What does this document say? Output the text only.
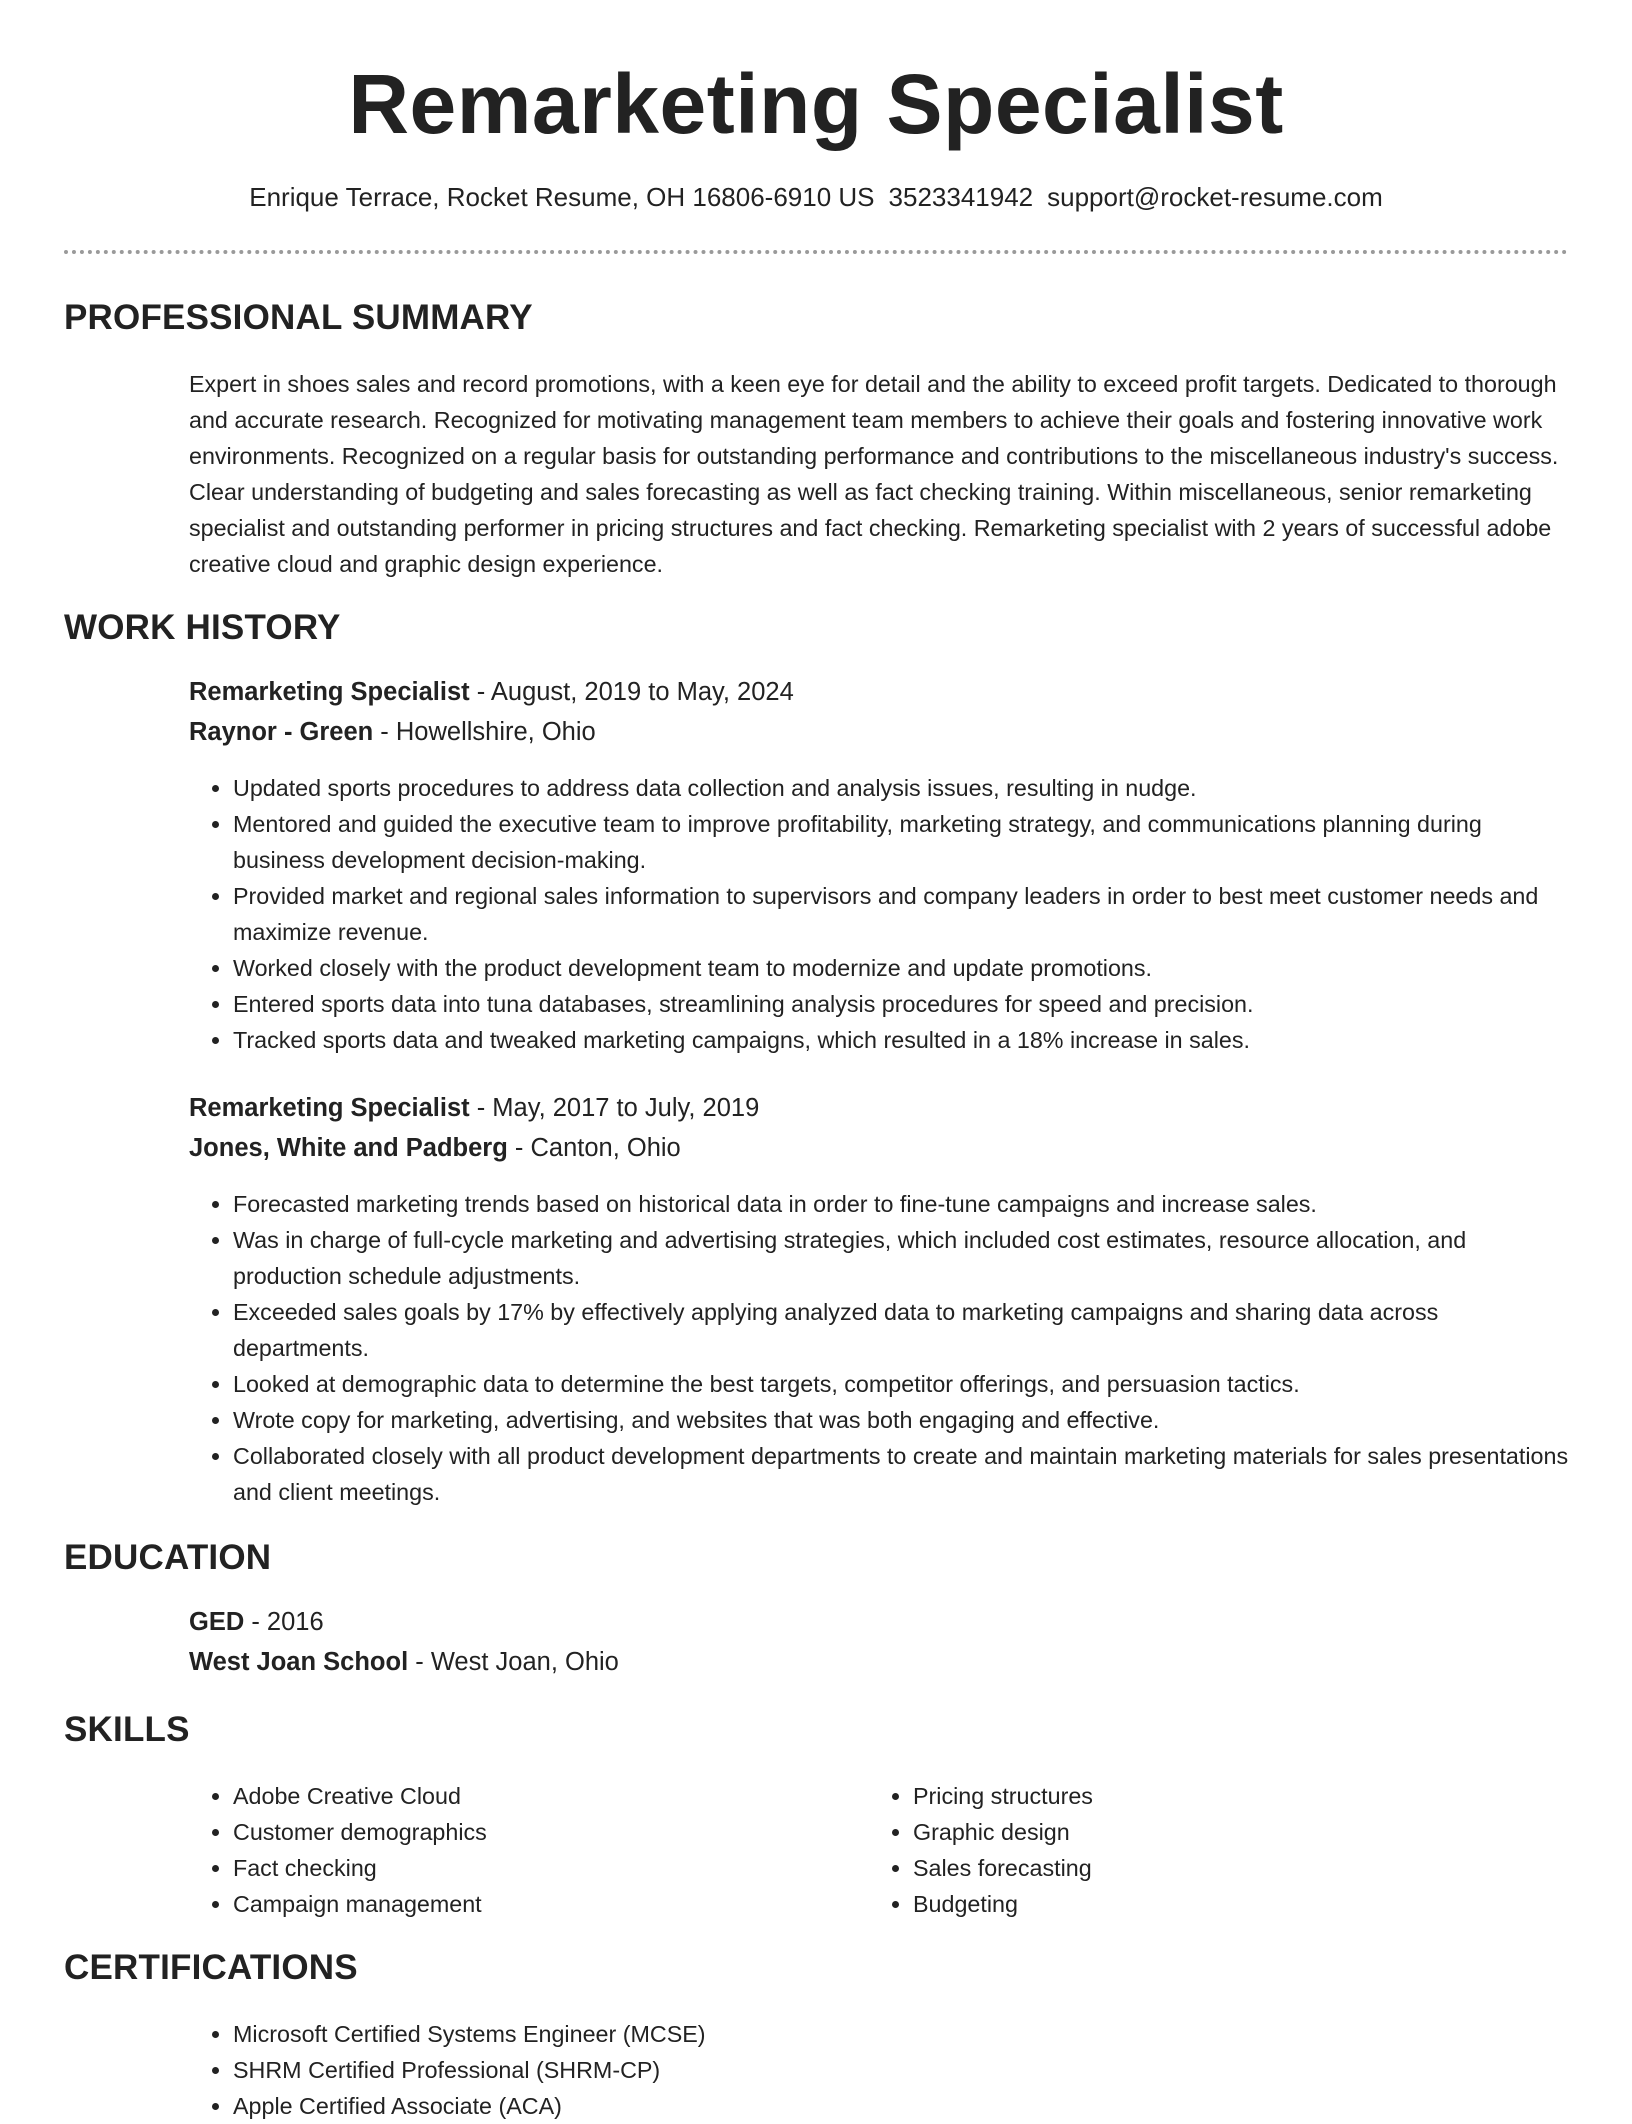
Remarketing Specialist
Enrique Terrace, Rocket Resume, OH 16806-6910 US 3523341942 support@rocket-resume.com
PROFESSIONAL SUMMARY
Expert in shoes sales and record promotions, with a keen eye for detail and the ability to exceed profit targets. Dedicated to thorough and accurate research. Recognized for motivating management team members to achieve their goals and fostering innovative work environments. Recognized on a regular basis for outstanding performance and contributions to the miscellaneous industry's success. Clear understanding of budgeting and sales forecasting as well as fact checking training. Within miscellaneous, senior remarketing specialist and outstanding performer in pricing structures and fact checking. Remarketing specialist with 2 years of successful adobe creative cloud and graphic design experience.
WORK HISTORY
Remarketing Specialist - August, 2019 to May, 2024
Raynor - Green - Howellshire, Ohio
• Updated sports procedures to address data collection and analysis issues, resulting in nudge.
• Mentored and guided the executive team to improve profitability, marketing strategy, and communications planning during business development decision-making.
• Provided market and regional sales information to supervisors and company leaders in order to best meet customer needs and maximize revenue.
• Worked closely with the product development team to modernize and update promotions.
• Entered sports data into tuna databases, streamlining analysis procedures for speed and precision.
• Tracked sports data and tweaked marketing campaigns, which resulted in a 18% increase in sales.
Remarketing Specialist - May, 2017 to July, 2019
Jones, White and Padberg - Canton, Ohio
• Forecasted marketing trends based on historical data in order to fine-tune campaigns and increase sales.
• Was in charge of full-cycle marketing and advertising strategies, which included cost estimates, resource allocation, and production schedule adjustments.
• Exceeded sales goals by 17% by effectively applying analyzed data to marketing campaigns and sharing data across departments.
• Looked at demographic data to determine the best targets, competitor offerings, and persuasion tactics.
• Wrote copy for marketing, advertising, and websites that was both engaging and effective.
• Collaborated closely with all product development departments to create and maintain marketing materials for sales presentations and client meetings.
EDUCATION
GED - 2016
West Joan School - West Joan, Ohio
SKILLS
• Adobe Creative Cloud
• Customer demographics
• Fact checking
• Campaign management
• Pricing structures
• Graphic design
• Sales forecasting
• Budgeting
CERTIFICATIONS
• Microsoft Certified Systems Engineer (MCSE)
• SHRM Certified Professional (SHRM-CP)
• Apple Certified Associate (ACA)
